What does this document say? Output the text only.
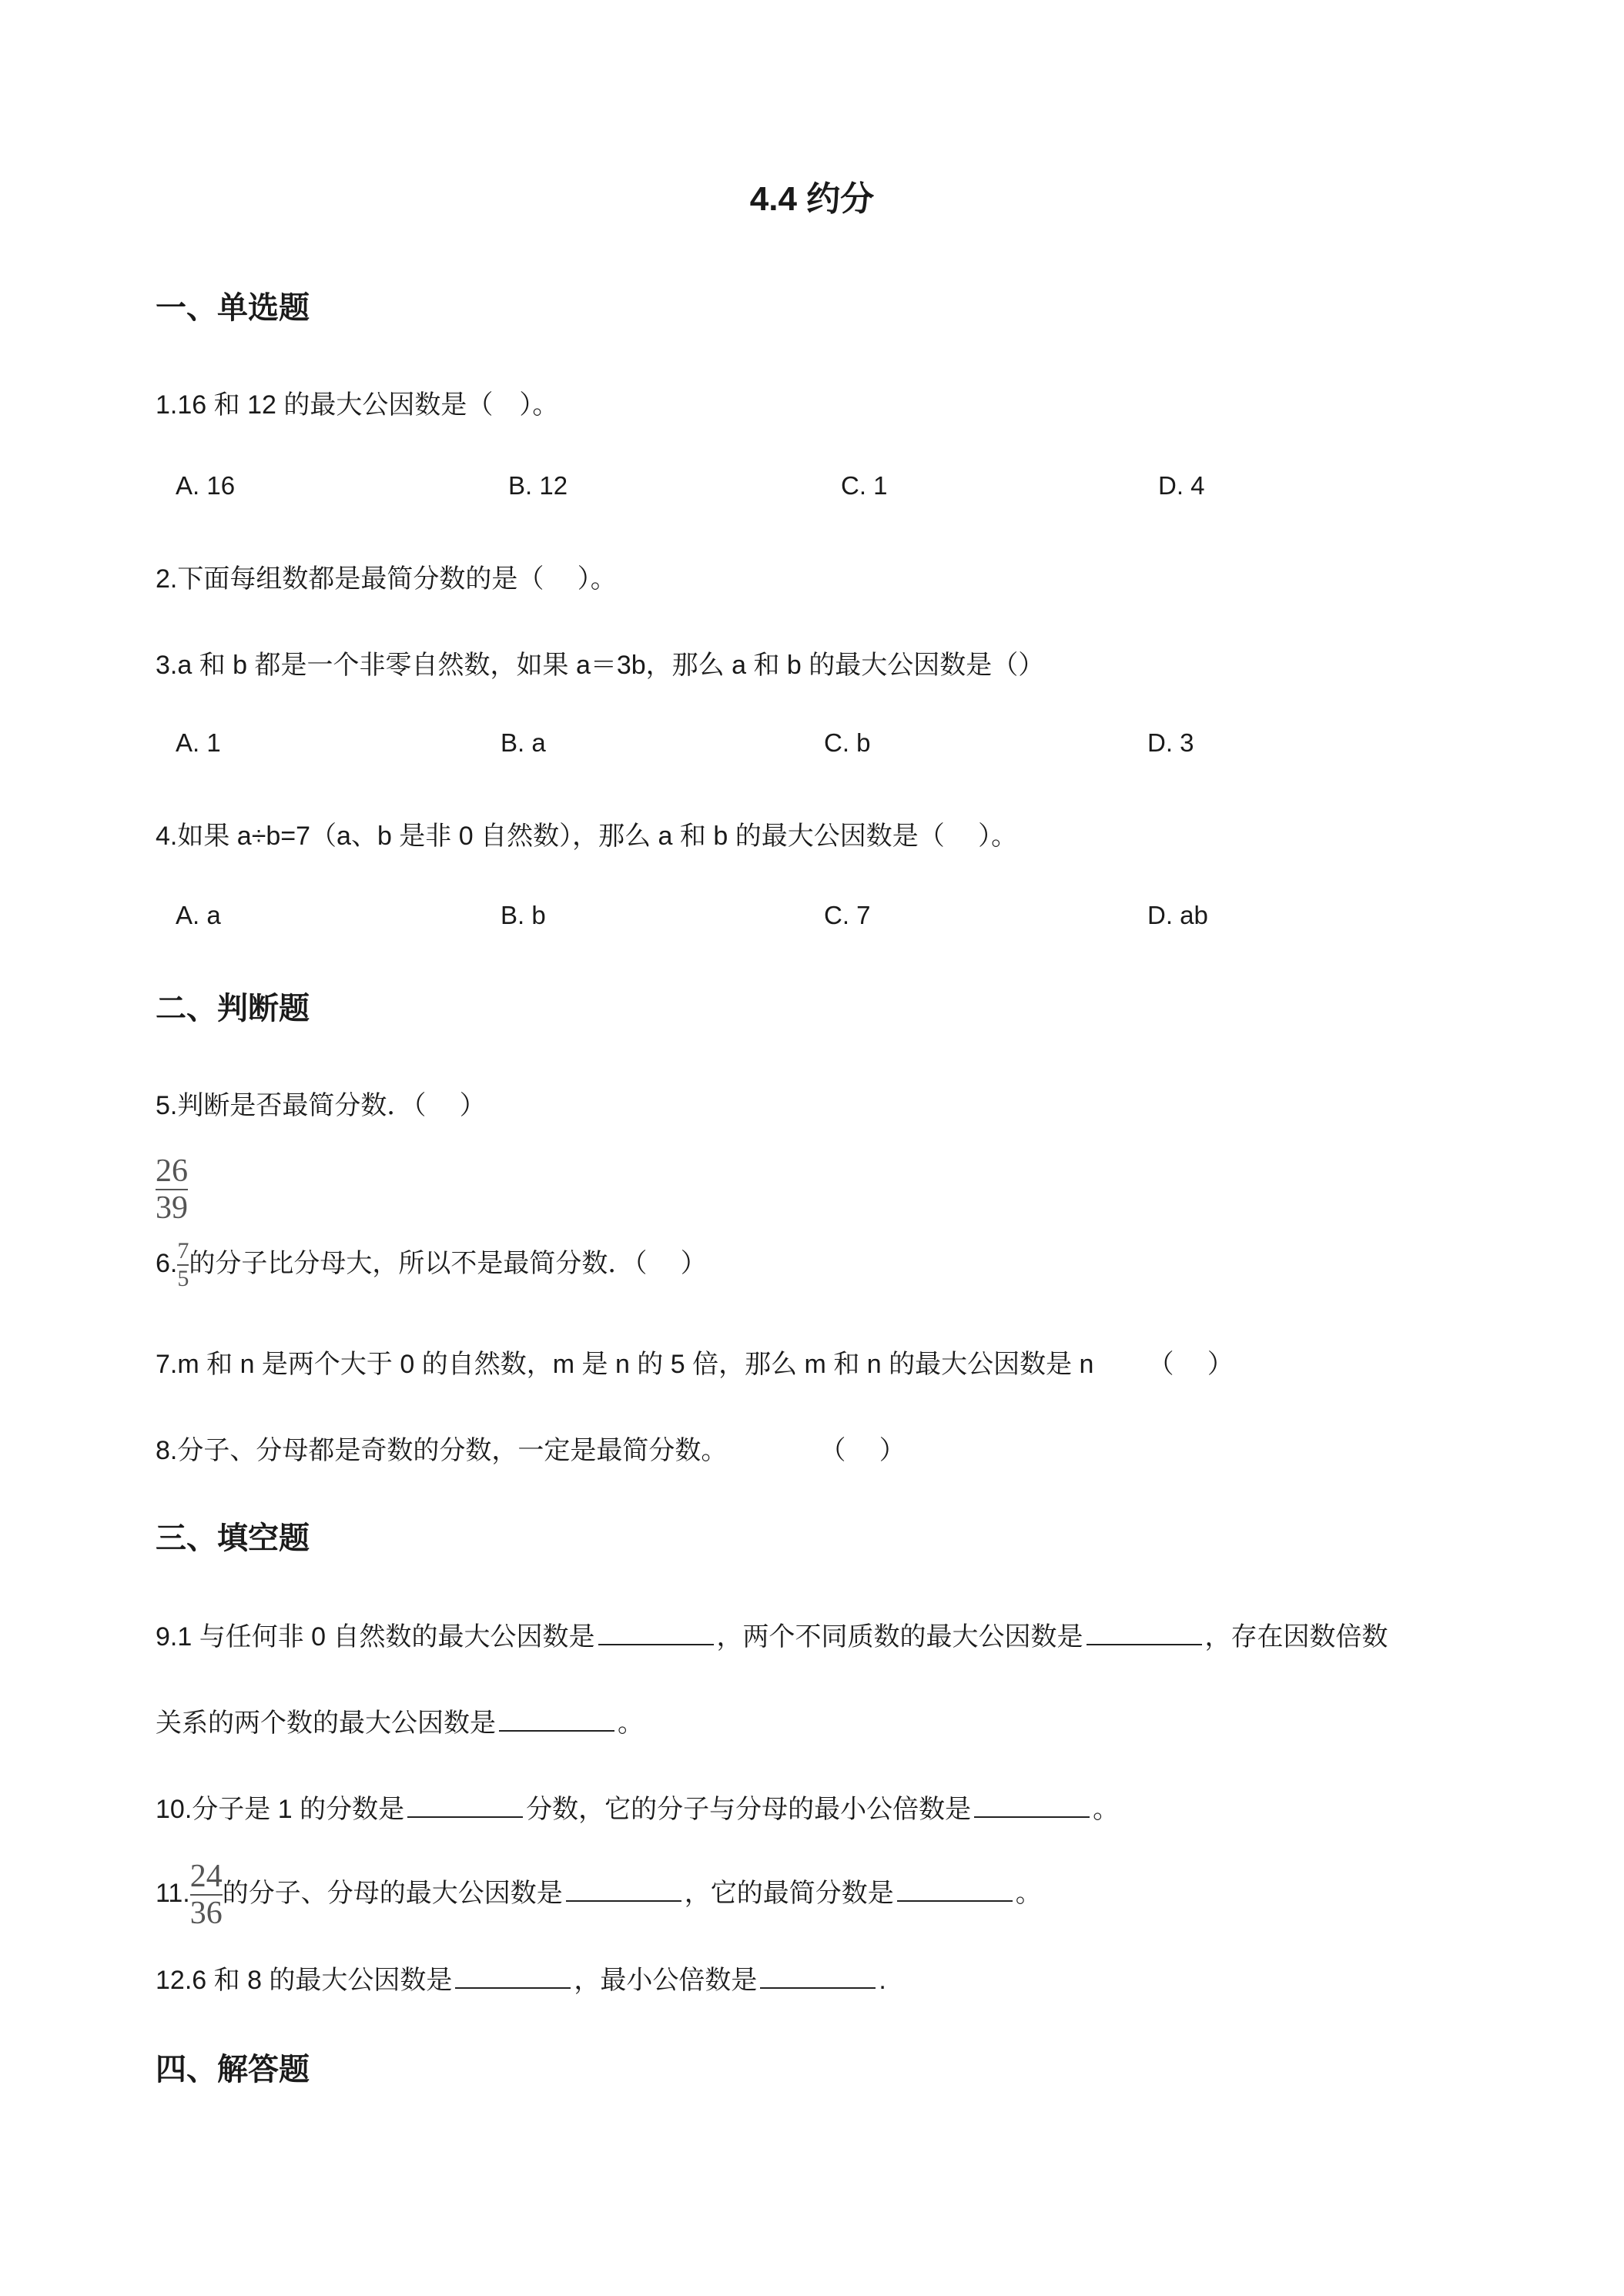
4.4 约分
一、单选题
1.16 和 12 的最大公因数是（　）。
A. 16	B. 12	C. 1	D. 4
2.下面每组数都是最简分数的是（　 ）。
3.a 和 b 都是一个非零自然数，如果 a＝3b，那么 a 和 b 的最大公因数是（）
A. 1	B. a	C. b	D. 3
4.如果 a÷b=7（a、b 是非 0 自然数），那么 a 和 b 的最大公因数是（　 ）。
A. a	B. b	C. 7	D. ab
二、判断题
5.判断是否最简分数．（　 ）
$\frac{26}{39}$
6. $\frac{7}{5}$ 的分子比分母大，所以不是最简分数．（　 ）
7.m 和 n 是两个大于 0 的自然数，m 是 n 的 5 倍，那么 m 和 n 的最大公因数是 n （　 ）
8.分子、分母都是奇数的分数，一定是最简分数。	（　 ）
三、填空题
9.1 与任何非 0 自然数的最大公因数是	，两个不同质数的最大公因数是	，存在因数倍数
关系的两个数的最大公因数是	。
10.分子是 1 的分数是	分数，它的分子与分母的最小公倍数是	。
11. $\frac{24}{36}$ 的分子、分母的最大公因数是	，它的最简分数是	。
12.6 和 8 的最大公因数是	，最小公倍数是	.
四、解答题
